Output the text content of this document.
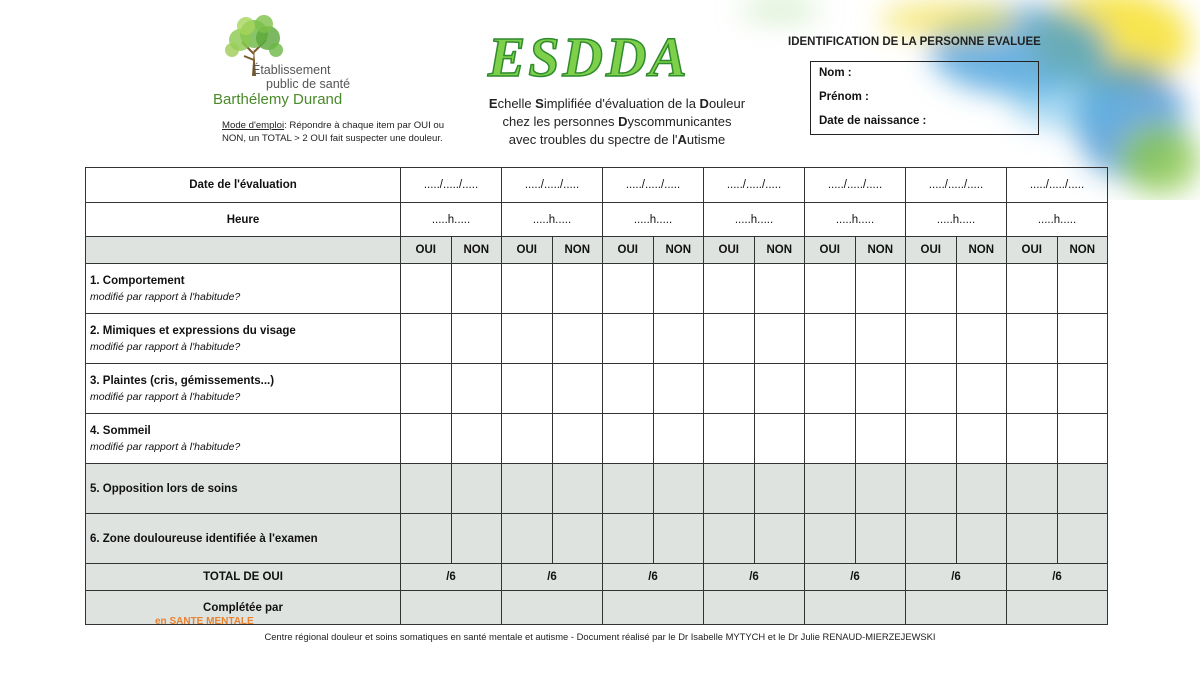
Établissement
public de santé
Barthélemy Durand
Mode d'emploi: Répondre à chaque item par OUI ou NON, un TOTAL > 2 OUI fait suspecter une douleur.
ESDDA
Echelle Simplifiée d'évaluation de la Douleur
chez les personnes Dyscommunicantes
avec troubles du spectre de l'Autisme
IDENTIFICATION DE LA PERSONNE EVALUEE
Nom :
Prénom :
Date de naissance :
Date de l'évaluation	...../...../.....		...../...../.....		...../...../.....		...../...../.....		...../...../.....		...../...../.....		...../...../.....	
Heure	.....h.....		.....h.....		.....h.....		.....h.....		.....h.....		.....h.....		.....h.....	
	OUI	NON	OUI	NON	OUI	NON	OUI	NON	OUI	NON	OUI	NON	OUI	NON

1. Comportement
modifié par rapport à l'habitude?														

2. Mimiques et expressions du visage
modifié par rapport à l'habitude?														

3. Plaintes (cris, gémissements...)
modifié par rapport à l'habitude?														

4. Sommeil
modifié par rapport à l'habitude?														

5. Opposition lors de soins														

6. Zone douloureuse identifiée à l'examen														

TOTAL DE OUI	/6		/6		/6		/6		/6		/6		/6	
Complétée par														
en SANTE MENTALE
Centre régional douleur et soins somatiques en santé mentale et autisme - Document réalisé par le Dr Isabelle MYTYCH et le Dr Julie RENAUD-MIERZEJEWSKI
